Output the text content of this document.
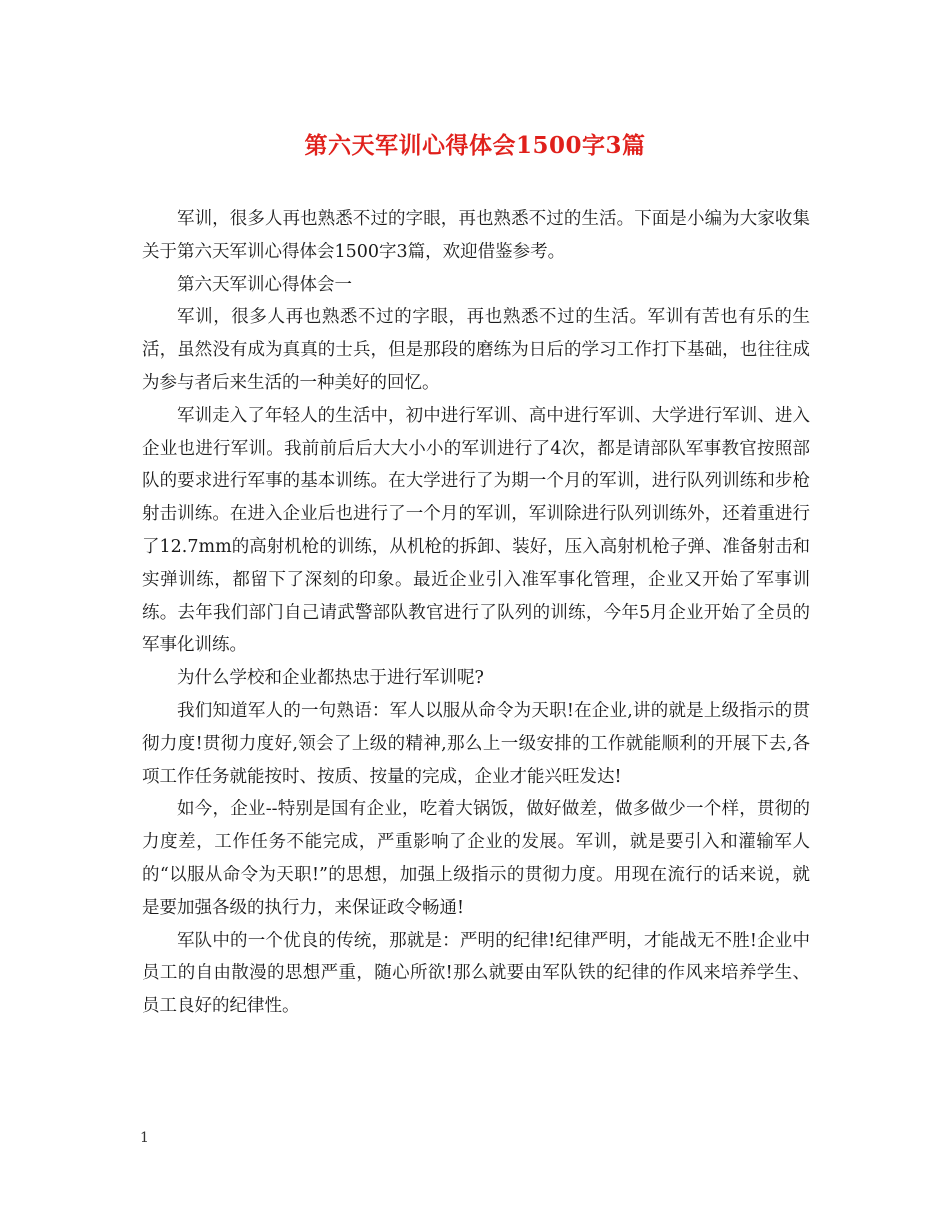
第六天军训心得体会1500字3篇

军训，很多人再也熟悉不过的字眼，再也熟悉不过的生活。下面是小编为大家收集关于第六天军训心得体会1500字3篇，欢迎借鉴参考。

第六天军训心得体会一

军训，很多人再也熟悉不过的字眼，再也熟悉不过的生活。军训有苦也有乐的生活，虽然没有成为真真的士兵，但是那段的磨练为日后的学习工作打下基础，也往往成为参与者后来生活的一种美好的回忆。

军训走入了年轻人的生活中，初中进行军训、高中进行军训、大学进行军训、进入企业也进行军训。我前前后后大大小小的军训进行了4次，都是请部队军事教官按照部队的要求进行军事的基本训练。在大学进行了为期一个月的军训，进行队列训练和步枪射击训练。在进入企业后也进行了一个月的军训，军训除进行队列训练外，还着重进行了12.7mm的高射机枪的训练，从机枪的拆卸、装好，压入高射机枪子弹、准备射击和实弹训练，都留下了深刻的印象。最近企业引入准军事化管理，企业又开始了军事训练。去年我们部门自己请武警部队教官进行了队列的训练，今年5月企业开始了全员的军事化训练。

为什么学校和企业都热忠于进行军训呢?

我们知道军人的一句熟语：军人以服从命令为天职!在企业,讲的就是上级指示的贯彻力度!贯彻力度好,领会了上级的精神,那么上一级安排的工作就能顺利的开展下去,各项工作任务就能按时、按质、按量的完成，企业才能兴旺发达!

如今，企业--特别是国有企业，吃着大锅饭，做好做差，做多做少一个样，贯彻的力度差，工作任务不能完成，严重影响了企业的发展。军训，就是要引入和灌输军人的“以服从命令为天职!”的思想，加强上级指示的贯彻力度。用现在流行的话来说，就是要加强各级的执行力，来保证政令畅通!

军队中的一个优良的传统，那就是：严明的纪律!纪律严明，才能战无不胜!企业中员工的自由散漫的思想严重，随心所欲!那么就要由军队铁的纪律的作风来培养学生、员工良好的纪律性。

1
